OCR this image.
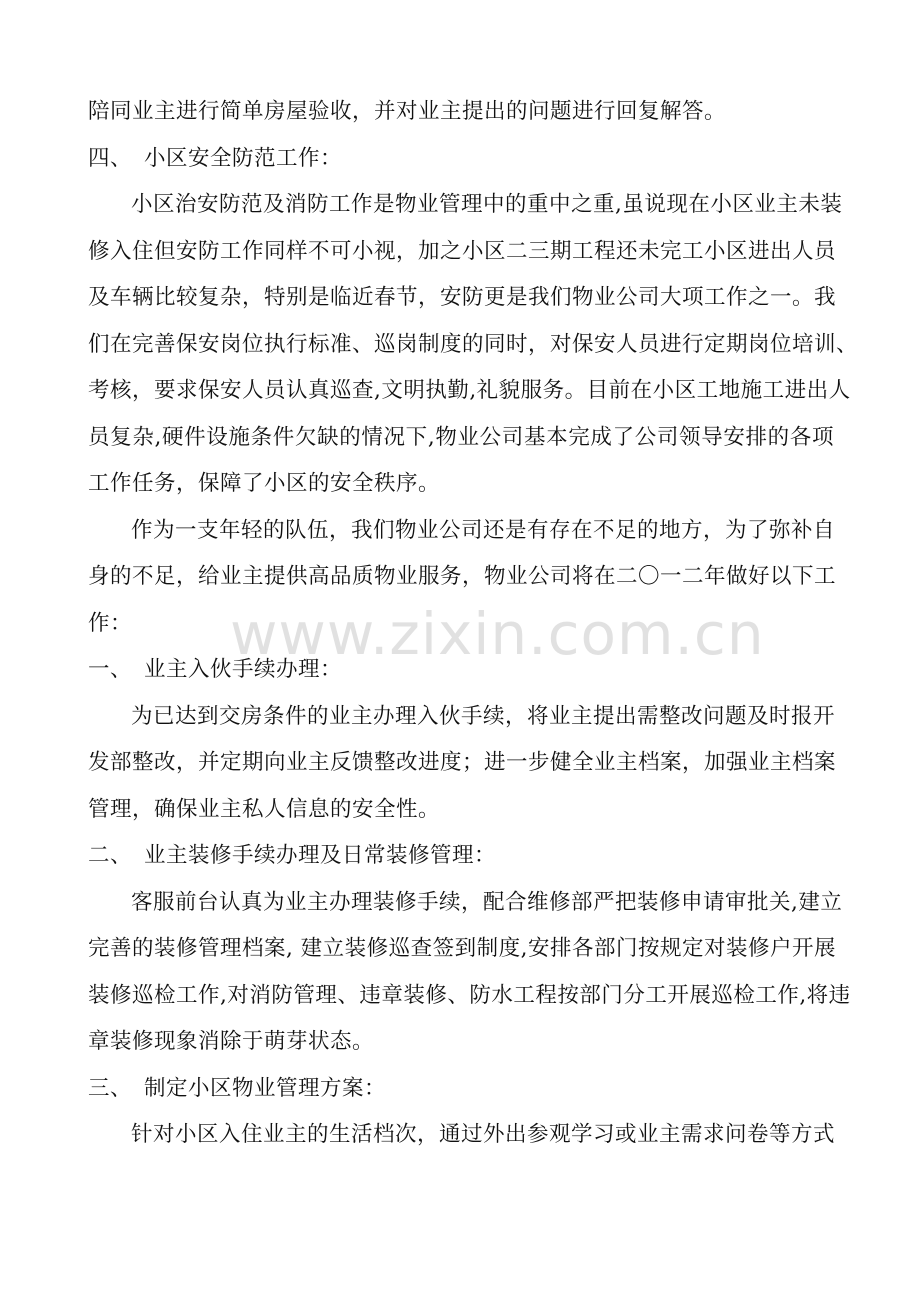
陪同业主进行简单房屋验收，并对业主提出的问题进行回复解答。
四、 小区安全防范工作：
小区治安防范及消防工作是物业管理中的重中之重,虽说现在小区业主未装
修入住但安防工作同样不可小视，加之小区二三期工程还未完工小区进出人员
及车辆比较复杂，特别是临近春节，安防更是我们物业公司大项工作之一。我
们在完善保安岗位执行标准、巡岗制度的同时，对保安人员进行定期岗位培训、
考核，要求保安人员认真巡查,文明执勤,礼貌服务。目前在小区工地施工进出人
员复杂,硬件设施条件欠缺的情况下,物业公司基本完成了公司领导安排的各项
工作任务，保障了小区的安全秩序。
作为一支年轻的队伍，我们物业公司还是有存在不足的地方，为了弥补自
身的不足，给业主提供高品质物业服务，物业公司将在二〇一二年做好以下工
作：
一、 业主入伙手续办理：
为已达到交房条件的业主办理入伙手续，将业主提出需整改问题及时报开
发部整改，并定期向业主反馈整改进度；进一步健全业主档案，加强业主档案
管理，确保业主私人信息的安全性。
二、 业主装修手续办理及日常装修管理：
客服前台认真为业主办理装修手续，配合维修部严把装修申请审批关,建立
完善的装修管理档案, 建立装修巡查签到制度,安排各部门按规定对装修户开展
装修巡检工作,对消防管理、违章装修、防水工程按部门分工开展巡检工作,将违
章装修现象消除于萌芽状态。
三、 制定小区物业管理方案：
针对小区入住业主的生活档次，通过外出参观学习或业主需求问卷等方式
www.zixin.com.cn
